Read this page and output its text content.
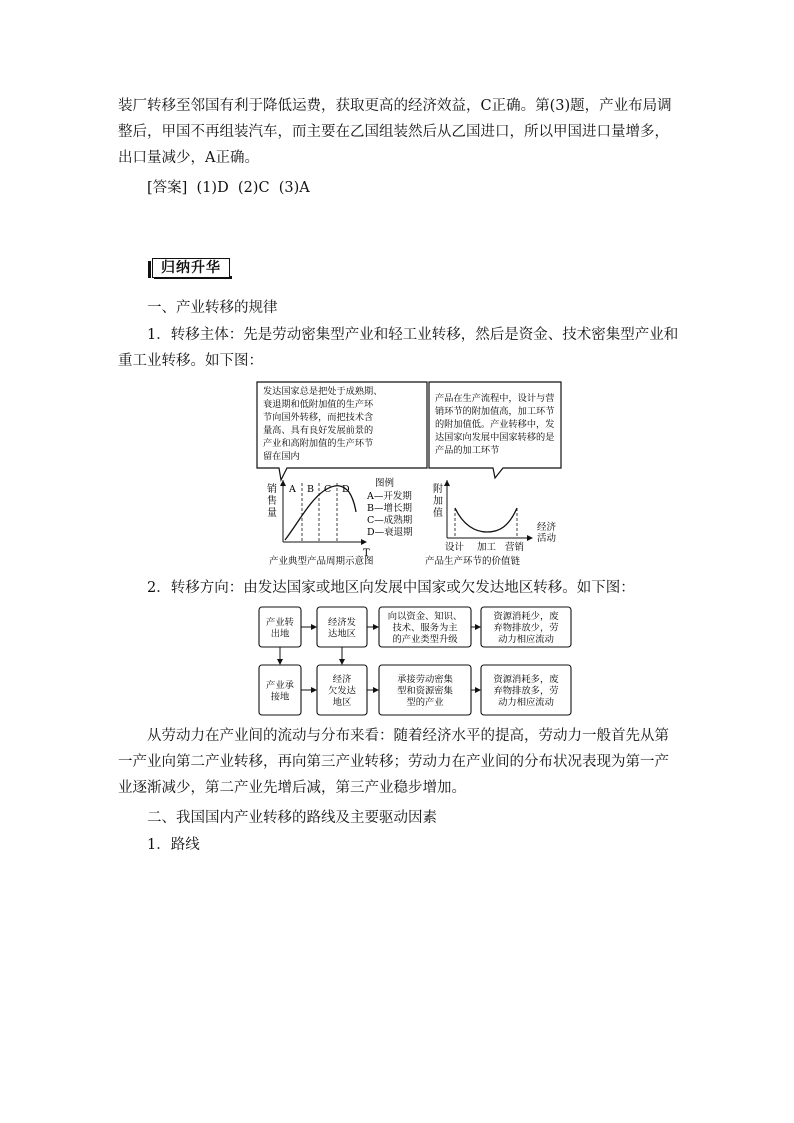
装厂转移至邻国有利于降低运费，获取更高的经济效益，C正确。第(3)题，产业布局调整后，甲国不再组装汽车，而主要在乙国组装然后从乙国进口，所以甲国进口量增多，出口量减少，A正确。

[答案]  (1)D  (2)C  (3)A

归纳升华

一、产业转移的规律

1．转移主体：先是劳动密集型产业和轻工业转移，然后是资金、技术密集型产业和重工业转移。如下图：

发达国家总是把处于成熟期、
衰退期和低附加值的生产环
节向国外转移，而把技术含
量高、具有良好发展前景的
产业和高附加值的生产环节
留在国内
产品在生产流程中，设计与营
销环节的附加值高，加工环节
的附加值低。产业转移中，发
达国家向发展中国家转移的是
产品的加工环节
销
售
量
T
A B C D
图例
A—开发期
B—增长期
C—成熟期
D—衰退期
产业典型产品周期示意图
附
加
值
经济
活动
设计 加工 营销
产品生产环节的价值链

2．转移方向：由发达国家或地区向发展中国家或欠发达地区转移。如下图：

产业转
出地
经济发
达地区
向以资金、知识、
技术、服务为主
的产业类型升级
资源消耗少，废
弃物排放少，劳
动力相应流动
产业承
接地
经济
欠发达
地区
承接劳动密集
型和资源密集
型的产业
资源消耗多，废
弃物排放多，劳
动力相应流动

从劳动力在产业间的流动与分布来看：随着经济水平的提高，劳动力一般首先从第一产业向第二产业转移，再向第三产业转移；劳动力在产业间的分布状况表现为第一产业逐渐减少，第二产业先增后减，第三产业稳步增加。

二、我国国内产业转移的路线及主要驱动因素

1．路线
